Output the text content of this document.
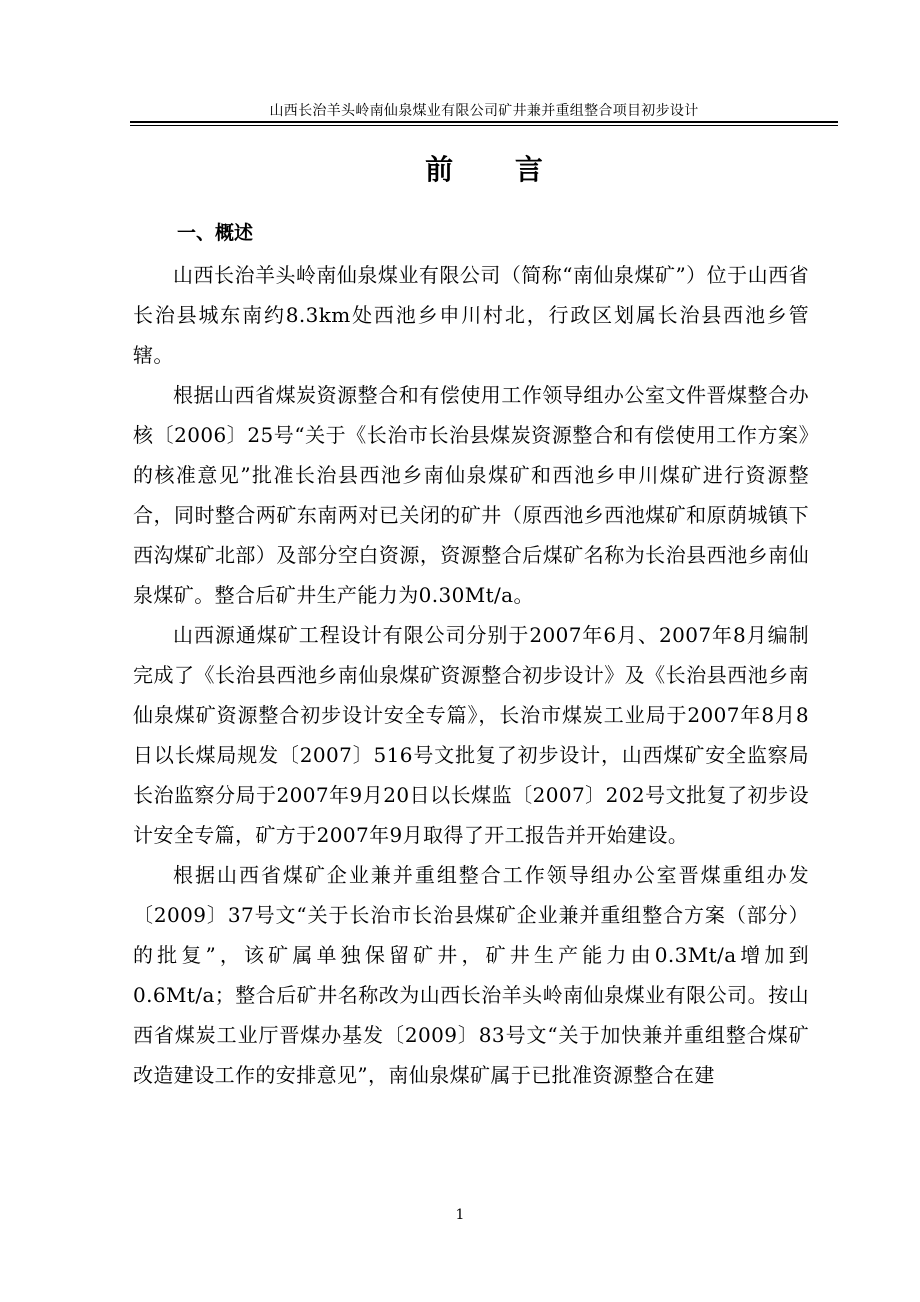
山西长治羊头岭南仙泉煤业有限公司矿井兼并重组整合项目初步设计
前 言
一、概述

山西长治羊头岭南仙泉煤业有限公司（简称“南仙泉煤矿”）位于山西省长治县城东南约8.3km处西池乡申川村北，行政区划属长治县西池乡管辖。

根据山西省煤炭资源整合和有偿使用工作领导组办公室文件晋煤整合办核〔2006〕25号“关于《长治市长治县煤炭资源整合和有偿使用工作方案》的核准意见”批准长治县西池乡南仙泉煤矿和西池乡申川煤矿进行资源整合，同时整合两矿东南两对已关闭的矿井（原西池乡西池煤矿和原荫城镇下西沟煤矿北部）及部分空白资源，资源整合后煤矿名称为长治县西池乡南仙泉煤矿。整合后矿井生产能力为0.30Mt/a。

山西源通煤矿工程设计有限公司分别于2007年6月、2007年8月编制完成了《长治县西池乡南仙泉煤矿资源整合初步设计》及《长治县西池乡南仙泉煤矿资源整合初步设计安全专篇》，长治市煤炭工业局于2007年8月8日以长煤局规发〔2007〕516号文批复了初步设计，山西煤矿安全监察局长治监察分局于2007年9月20日以长煤监〔2007〕202号文批复了初步设计安全专篇，矿方于2007年9月取得了开工报告并开始建设。

根据山西省煤矿企业兼并重组整合工作领导组办公室晋煤重组办发〔2009〕37号文“关于长治市长治县煤矿企业兼并重组整合方案（部分）的批复”，该矿属单独保留矿井，矿井生产能力由0.3Mt/a增加到0.6Mt/a；整合后矿井名称改为山西长治羊头岭南仙泉煤业有限公司。按山西省煤炭工业厅晋煤办基发〔2009〕83号文“关于加快兼并重组整合煤矿改造建设工作的安排意见”，南仙泉煤矿属于已批准资源整合在建

1
